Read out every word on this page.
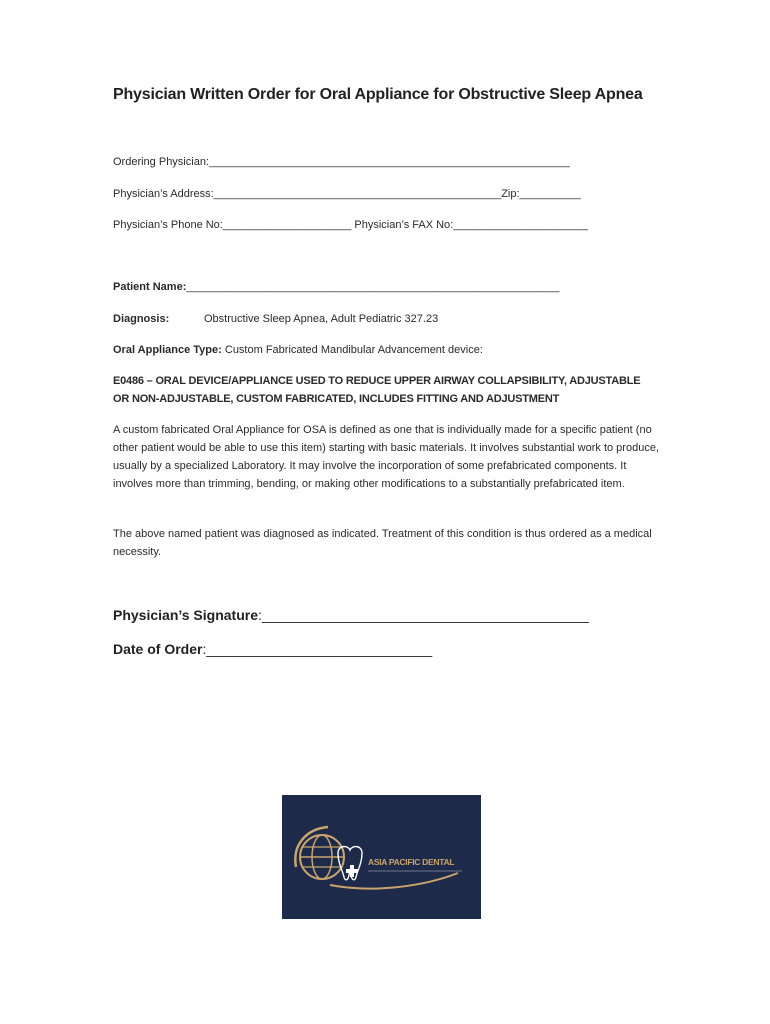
Physician Written Order for Oral Appliance for Obstructive Sleep Apnea
Ordering Physician:___________________________________________________________
Physician’s Address:_______________________________________________Zip:__________
Physician’s Phone No:_____________________ Physician’s FAX No:______________________
Patient Name:_____________________________________________________________
Diagnosis:	Obstructive Sleep Apnea, Adult Pediatric 327.23
Oral Appliance Type: Custom Fabricated Mandibular Advancement device:
E0486 – ORAL DEVICE/APPLIANCE USED TO REDUCE UPPER AIRWAY COLLAPSIBILITY, ADJUSTABLE OR NON-ADJUSTABLE, CUSTOM FABRICATED, INCLUDES FITTING AND ADJUSTMENT
A custom fabricated Oral Appliance for OSA is defined as one that is individually made for a specific patient (no other patient would be able to use this item) starting with basic materials. It involves substantial work to produce, usually by a specialized Laboratory. It may involve the incorporation of some prefabricated components. It involves more than trimming, bending, or making other modifications to a substantially prefabricated item.
The above named patient was diagnosed as indicated. Treatment of this condition is thus ordered as a medical necessity.
Physician’s Signature:__________________________________________
Date of Order:_____________________________
ASIA PACIFIC DENTAL
